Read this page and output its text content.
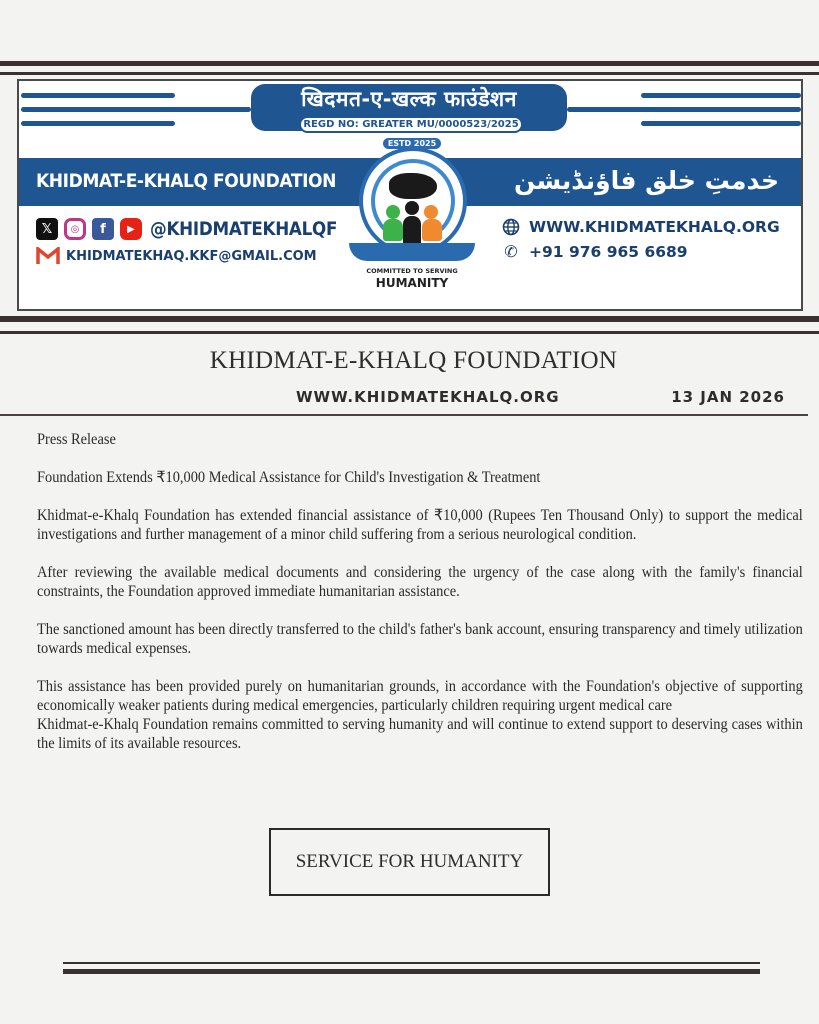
खिदमत-ए-खल्क फाउंडेशन
REGD NO: GREATER MU/0000523/2025
KHIDMAT-E-KHALQ FOUNDATION	خدمتِ خلق فاؤنڈیشن
ESTD 2025
COMMITTED TO SERVING
HUMANITY
𝕏	◎	f	▶ @KHIDMATEKHALQF
KHIDMATEKHAQ.KKF@GMAIL.COM
WWW.KHIDMATEKHALQ.ORG
✆ +91 976 965 6689
KHIDMAT-E-KHALQ FOUNDATION
WWW.KHIDMATEKHALQ.ORG	13 JAN 2026

Press Release

Foundation Extends ₹10,000 Medical Assistance for Child's Investigation & Treatment

Khidmat-e-Khalq Foundation has extended financial assistance of ₹10,000 (Rupees Ten Thousand Only) to support the medical investigations and further management of a minor child suffering from a serious neurological condition.

After reviewing the available medical documents and considering the urgency of the case along with the family's financial constraints, the Foundation approved immediate humanitarian assistance.

The sanctioned amount has been directly transferred to the child's father's bank account, ensuring transparency and timely utilization towards medical expenses.

This assistance has been provided purely on humanitarian grounds, in accordance with the Foundation's objective of supporting economically weaker patients during medical emergencies, particularly children requiring urgent medical care

Khidmat-e-Khalq Foundation remains committed to serving humanity and will continue to extend support to deserving cases within the limits of its available resources.

SERVICE FOR HUMANITY
